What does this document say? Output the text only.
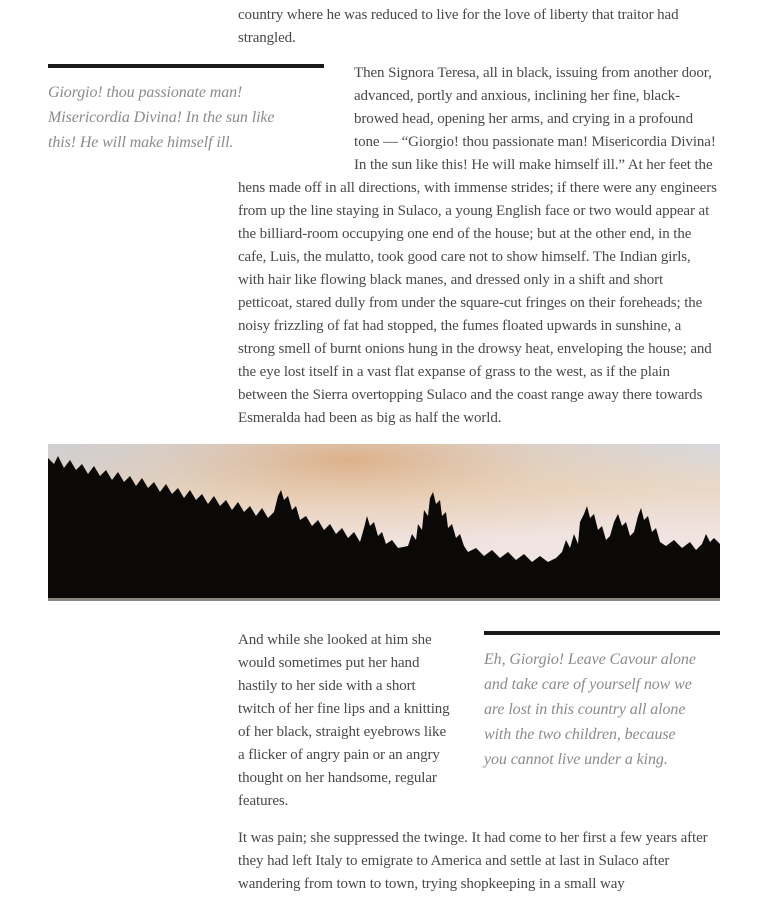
country where he was reduced to live for the love of liberty that traitor had strangled.

Giorgio! thou passionate man!
Misericordia Divina! In the sun like
this! He will make himself ill.

Then Signora Teresa, all in black, issuing from another door, advanced, portly and anxious, inclining her fine, black-browed head, opening her arms, and crying in a profound tone — “Giorgio! thou passionate man! Misericordia Divina! In the sun like this! He will make himself ill.” At her feet the hens made off in all directions, with immense strides; if there were any engineers from up the line staying in Sulaco, a young English face or two would appear at the billiard-room occupying one end of the house; but at the other end, in the cafe, Luis, the mulatto, took good care not to show himself. The Indian girls, with hair like flowing black manes, and dressed only in a shift and short petticoat, stared dully from under the square-cut fringes on their foreheads; the noisy frizzling of fat had stopped, the fumes floated upwards in sunshine, a strong smell of burnt onions hung in the drowsy heat, enveloping the house; and the eye lost itself in a vast flat expanse of grass to the west, as if the plain between the Sierra overtopping Sulaco and the coast range away there towards Esmeralda had been as big as half the world.

Eh, Giorgio! Leave Cavour alone
and take care of yourself now we
are lost in this country all alone
with the two children, because
you cannot live under a king.

And while she looked at him she would sometimes put her hand hastily to her side with a short twitch of her fine lips and a knitting of her black, straight eyebrows like a flicker of angry pain or an angry thought on her handsome, regular features.

It was pain; she suppressed the twinge. It had come to her first a few years after they had left Italy to emigrate to America and settle at last in Sulaco after wandering from town to town, trying shopkeeping in a small way
